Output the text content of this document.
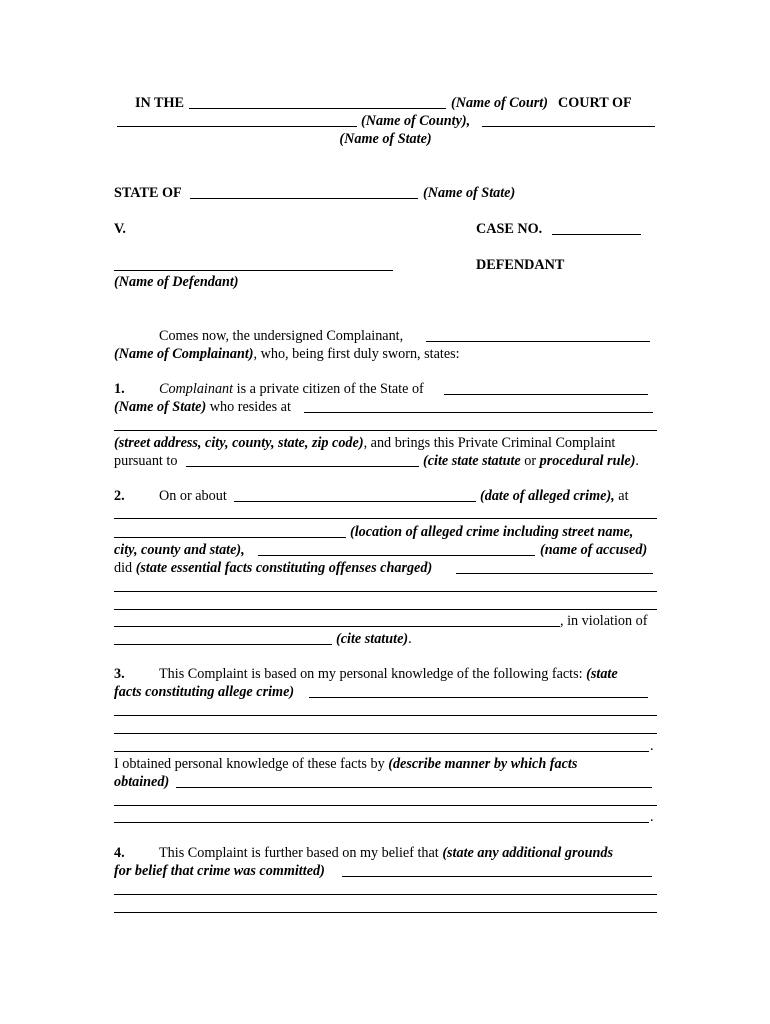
IN THE	(Name of Court) COURT OF
(Name of County),
(Name of State)
STATE OF	(Name of State)
V.	CASE NO.
DEFENDANT
(Name of Defendant)
Comes now, the undersigned Complainant,
(Name of Complainant), who, being first duly sworn, states:
1. Complainant is a private citizen of the State of
(Name of State) who resides at
(street address, city, county, state, zip code), and brings this Private Criminal Complaint
pursuant to	(cite state statute or procedural rule).
2. On or about	(date of alleged crime), at
(location of alleged crime including street name,
city, county and state),	(name of accused)
did (state essential facts constituting offenses charged)
, in violation of
(cite statute).
3. This Complaint is based on my personal knowledge of the following facts: (state
facts constituting allege crime)
.
I obtained personal knowledge of these facts by (describe manner by which facts
obtained)
.
4. This Complaint is further based on my belief that (state any additional grounds
for belief that crime was committed)
